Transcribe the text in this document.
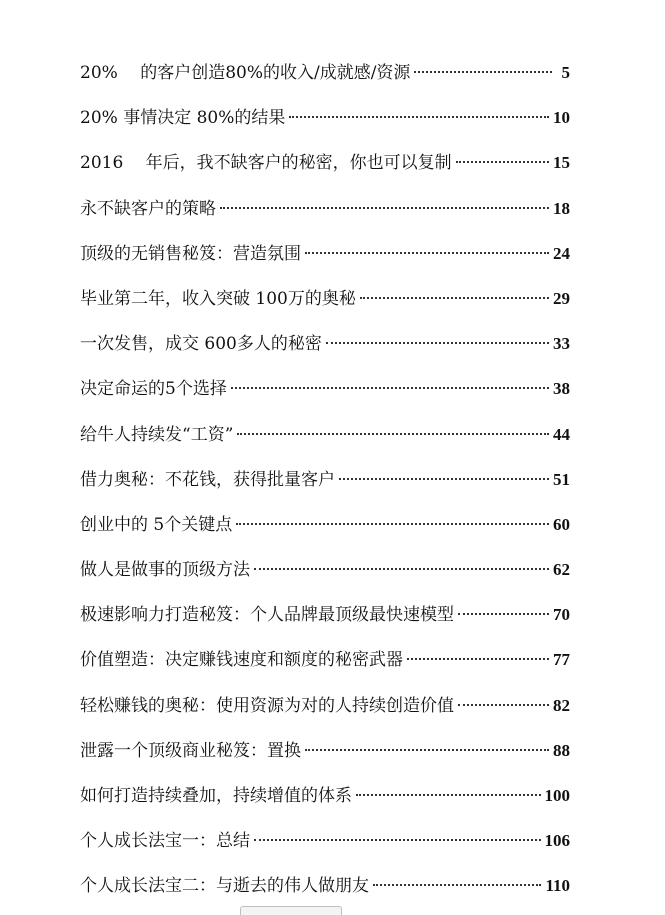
20%　 的客户创造80%的收入/成就感/资源	5
20% 事情决定 80%的结果	10
2016　 年后，我不缺客户的秘密，你也可以复制	15
永不缺客户的策略	18
顶级的无销售秘笈：营造氛围	24
毕业第二年，收入突破 100万的奥秘	29
一次发售，成交 600多人的秘密	33
决定命运的5个选择	38
给牛人持续发“工资”	44
借力奥秘：不花钱，获得批量客户	51
创业中的 5个关键点	60
做人是做事的顶级方法	62
极速影响力打造秘笈：个人品牌最顶级最快速模型	70
价值塑造：决定赚钱速度和额度的秘密武器	77
轻松赚钱的奥秘：使用资源为对的人持续创造价值	82
泄露一个顶级商业秘笈：置换	88
如何打造持续叠加，持续增值的体系	100
个人成长法宝一：总结	106
个人成长法宝二：与逝去的伟人做朋友	110
